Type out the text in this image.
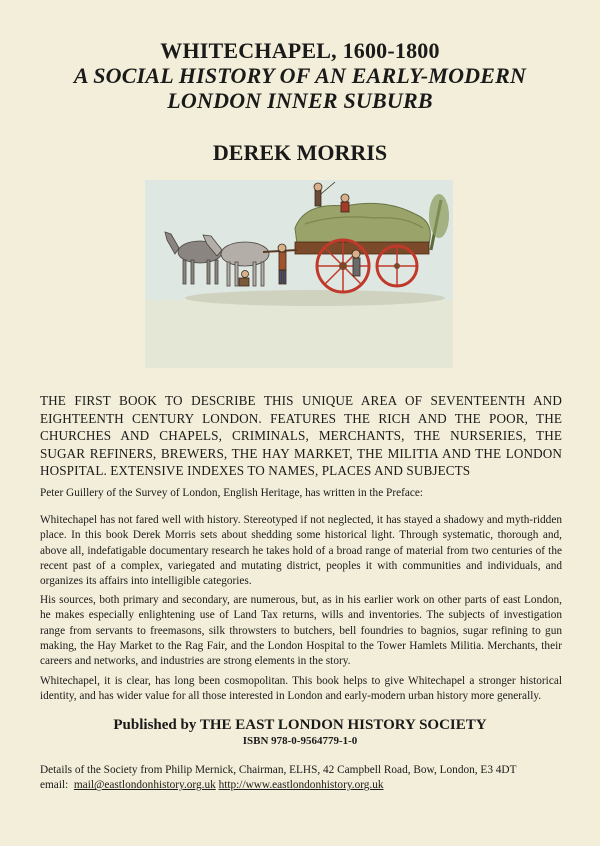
WHITECHAPEL, 1600-1800
A SOCIAL HISTORY OF AN EARLY-MODERN
LONDON INNER SUBURB
DEREK MORRIS
THE FIRST BOOK TO DESCRIBE THIS UNIQUE AREA OF SEVENTEENTH AND EIGHTEENTH CENTURY LONDON. FEATURES THE RICH AND THE POOR, THE CHURCHES AND CHAPELS, CRIMINALS, MERCHANTS, THE NURSERIES, THE SUGAR REFINERS, BREWERS, THE HAY MARKET, THE MILITIA AND THE LONDON HOSPITAL. EXTENSIVE INDEXES TO NAMES, PLACES AND SUBJECTS
Peter Guillery of the Survey of London, English Heritage, has written in the Preface:
Whitechapel has not fared well with history. Stereotyped if not neglected, it has stayed a shadowy and myth-ridden place. In this book Derek Morris sets about shedding some historical light. Through systematic, thorough and, above all, indefatigable documentary research he takes hold of a broad range of material from two centuries of the recent past of a complex, variegated and mutating district, peoples it with communities and individuals, and organizes its affairs into intelligible categories.
His sources, both primary and secondary, are numerous, but, as in his earlier work on other parts of east London, he makes especially enlightening use of Land Tax returns, wills and inventories. The subjects of investigation range from servants to freemasons, silk throwsters to butchers, bell foundries to bagnios, sugar refining to gun making, the Hay Market to the Rag Fair, and the London Hospital to the Tower Hamlets Militia. Merchants, their careers and networks, and industries are strong elements in the story.
Whitechapel, it is clear, has long been cosmopolitan. This book helps to give Whitechapel a stronger historical identity, and has wider value for all those interested in London and early-modern urban history more generally.
Published by THE EAST LONDON HISTORY SOCIETY
ISBN 978-0-9564779-1-0
Details of the Society from Philip Mernick, Chairman, ELHS, 42 Campbell Road, Bow, London, E3 4DT
email: mail@eastlondonhistory.org.uk http://www.eastlondonhistory.org.uk
